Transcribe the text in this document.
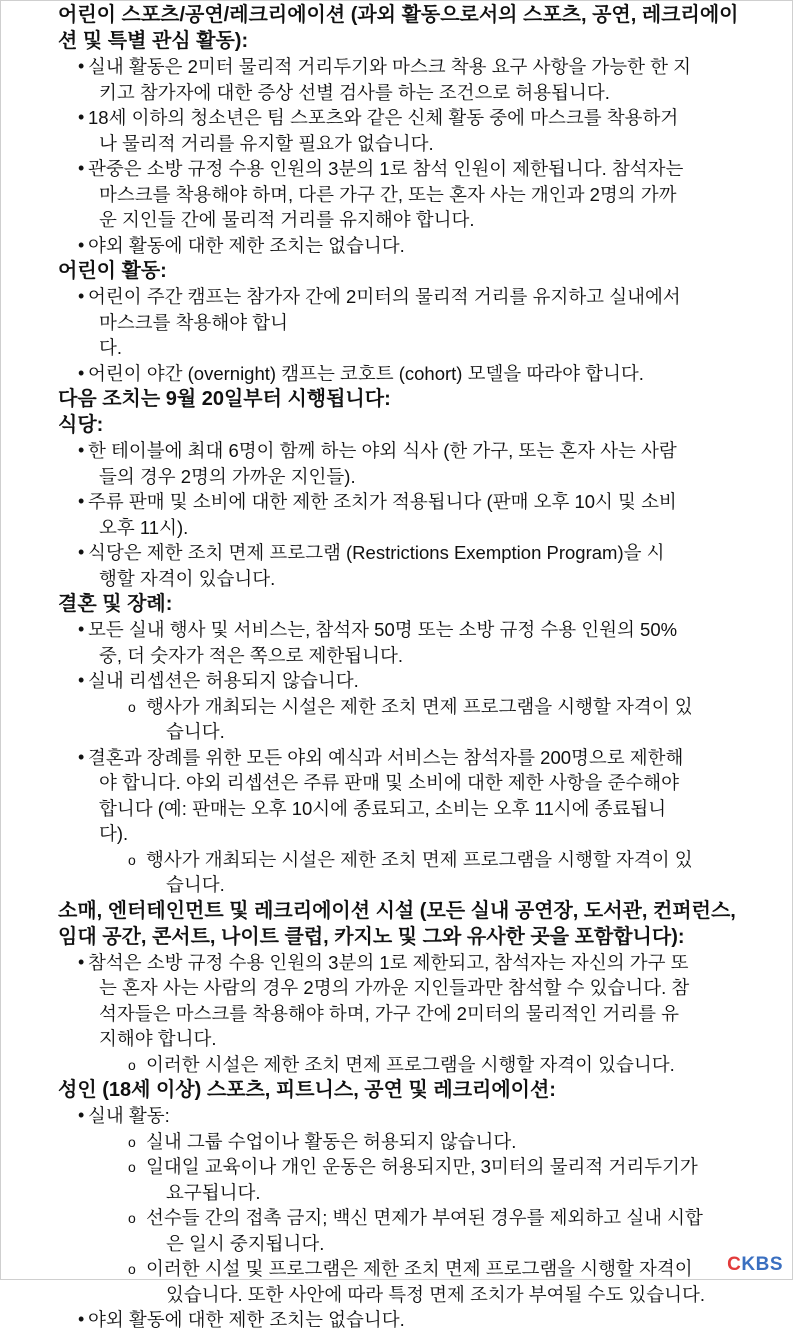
어린이 스포츠/공연/레크리에이션 (과외 활동으로서의 스포츠, 공연, 레크리에이
션 및 특별 관심 활동):
• 실내 활동은 2미터 물리적 거리두기와 마스크 착용 요구 사항을 가능한 한 지
키고 참가자에 대한 증상 선별 검사를 하는 조건으로 허용됩니다.
• 18세 이하의 청소년은 팀 스포츠와 같은 신체 활동 중에 마스크를 착용하거
나 물리적 거리를 유지할 필요가 없습니다.
• 관중은 소방 규정 수용 인원의 3분의 1로 참석 인원이 제한됩니다. 참석자는
마스크를 착용해야 하며, 다른 가구 간, 또는 혼자 사는 개인과 2명의 가까
운 지인들 간에 물리적 거리를 유지해야 합니다.
• 야외 활동에 대한 제한 조치는 없습니다.
어린이 활동:
• 어린이 주간 캠프는 참가자 간에 2미터의 물리적 거리를 유지하고 실내에서
마스크를 착용해야 합니
다.
• 어린이 야간 (overnight) 캠프는 코호트 (cohort) 모델을 따라야 합니다.
다음 조치는 9월 20일부터 시행됩니다:
식당:
• 한 테이블에 최대 6명이 함께 하는 야외 식사 (한 가구, 또는 혼자 사는 사람
들의 경우 2명의 가까운 지인들).
• 주류 판매 및 소비에 대한 제한 조치가 적용됩니다 (판매 오후 10시 및 소비
오후 11시).
• 식당은 제한 조치 면제 프로그램 (Restrictions Exemption Program)을 시
행할 자격이 있습니다.
결혼 및 장례:
• 모든 실내 행사 및 서비스는, 참석자 50명 또는 소방 규정 수용 인원의 50%
중, 더 숫자가 적은 쪽으로 제한됩니다.
• 실내 리셉션은 허용되지 않습니다.
o 행사가 개최되는 시설은 제한 조치 면제 프로그램을 시행할 자격이 있
습니다.
• 결혼과 장례를 위한 모든 야외 예식과 서비스는 참석자를 200명으로 제한해
야 합니다. 야외 리셉션은 주류 판매 및 소비에 대한 제한 사항을 준수해야
합니다 (예: 판매는 오후 10시에 종료되고, 소비는 오후 11시에 종료됩니
다).
o 행사가 개최되는 시설은 제한 조치 면제 프로그램을 시행할 자격이 있
습니다.
소매, 엔터테인먼트 및 레크리에이션 시설 (모든 실내 공연장, 도서관, 컨퍼런스,
임대 공간, 콘서트, 나이트 클럽, 카지노 및 그와 유사한 곳을 포함합니다):
• 참석은 소방 규정 수용 인원의 3분의 1로 제한되고, 참석자는 자신의 가구 또
는 혼자 사는 사람의 경우 2명의 가까운 지인들과만 참석할 수 있습니다. 참
석자들은 마스크를 착용해야 하며, 가구 간에 2미터의 물리적인 거리를 유
지해야 합니다.
o 이러한 시설은 제한 조치 면제 프로그램을 시행할 자격이 있습니다.
성인 (18세 이상) 스포츠, 피트니스, 공연 및 레크리에이션:
• 실내 활동:
o 실내 그룹 수업이나 활동은 허용되지 않습니다.
o 일대일 교육이나 개인 운동은 허용되지만, 3미터의 물리적 거리두기가
요구됩니다.
o 선수들 간의 접촉 금지; 백신 면제가 부여된 경우를 제외하고 실내 시합
은 일시 중지됩니다.
o 이러한 시설 및 프로그램은 제한 조치 면제 프로그램을 시행할 자격이
있습니다. 또한 사안에 따라 특정 면제 조치가 부여될 수도 있습니다.
• 야외 활동에 대한 제한 조치는 없습니다.	CKBS
